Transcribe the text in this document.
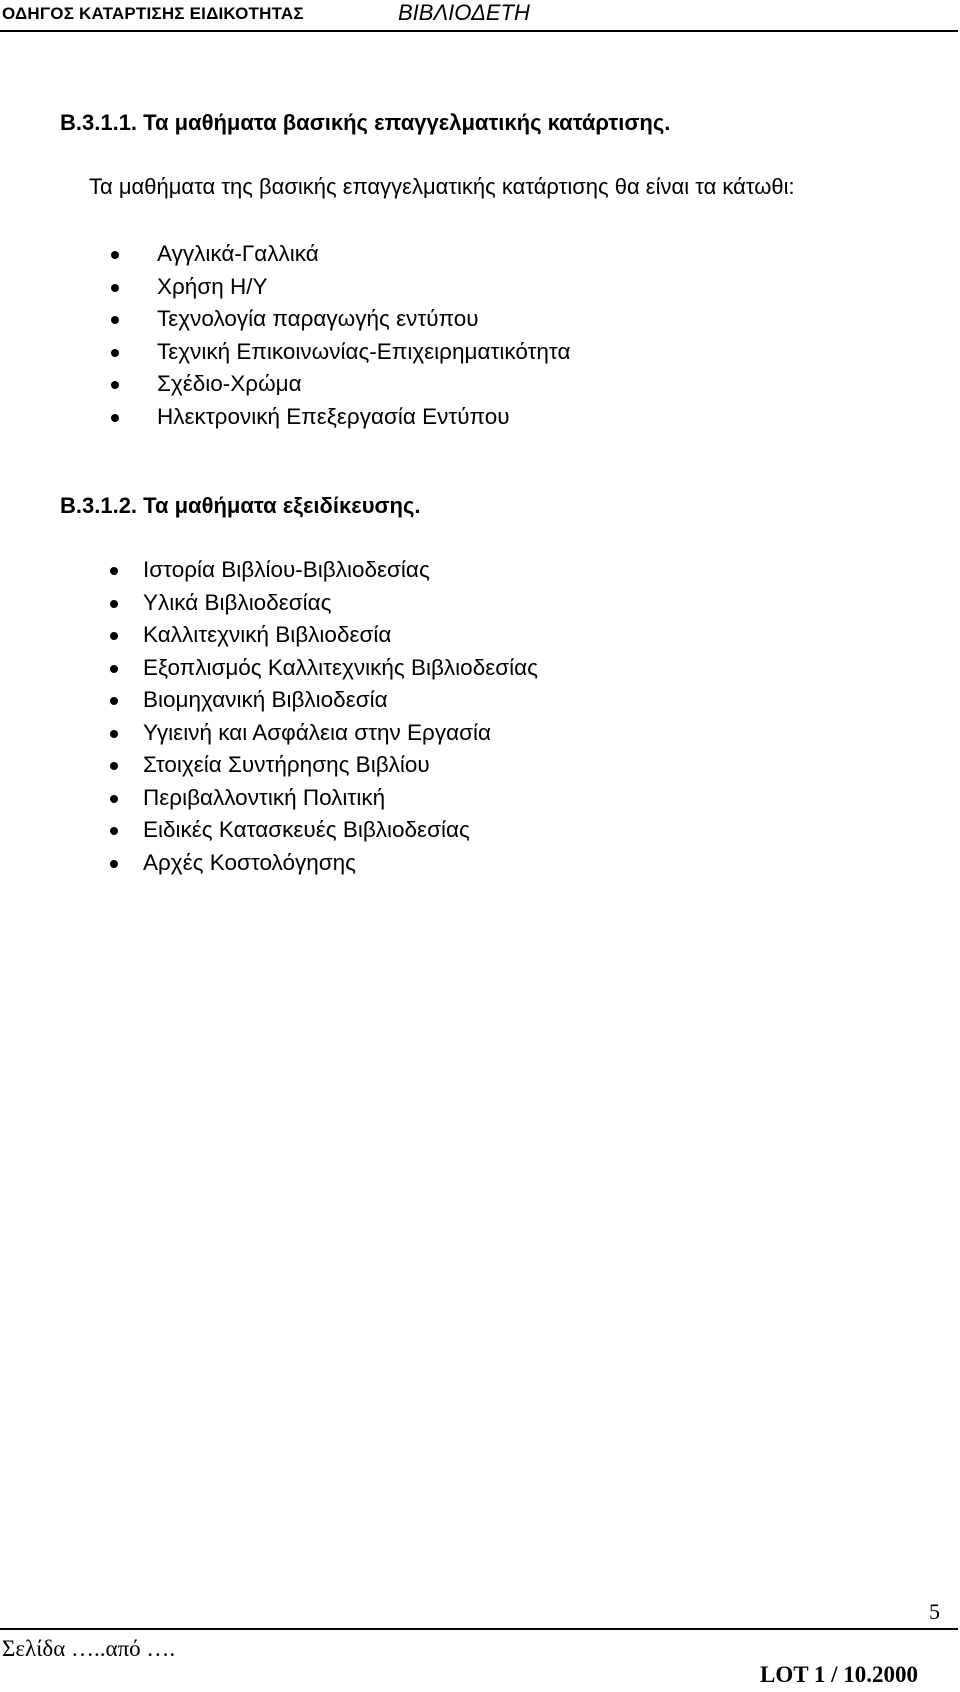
ΟΔΗΓΟΣ ΚΑΤΑΡΤΙΣΗΣ ΕΙΔΙΚΟΤΗΤΑΣ	ΒΙΒΛΙΟΔΕΤΗ
Β.3.1.1. Τα μαθήματα βασικής επαγγελματικής κατάρτισης.
Τα μαθήματα της βασικής επαγγελματικής κατάρτισης θα είναι τα κάτωθι:
Αγγλικά-Γαλλικά
Χρήση Η/Υ
Τεχνολογία παραγωγής εντύπου
Τεχνική Επικοινωνίας-Επιχειρηματικότητα
Σχέδιο-Χρώμα
Ηλεκτρονική Επεξεργασία Εντύπου
Β.3.1.2. Τα μαθήματα εξειδίκευσης.
Ιστορία Βιβλίου-Βιβλιοδεσίας
Υλικά Βιβλιοδεσίας
Καλλιτεχνική Βιβλιοδεσία
Εξοπλισμός Καλλιτεχνικής Βιβλιοδεσίας
Βιομηχανική Βιβλιοδεσία
Υγιεινή και Ασφάλεια στην Εργασία
Στοιχεία Συντήρησης Βιβλίου
Περιβαλλοντική Πολιτική
Ειδικές Κατασκευές Βιβλιοδεσίας
Αρχές Κοστολόγησης
5
Σελίδα …..από ….
LOT 1 / 10.2000
